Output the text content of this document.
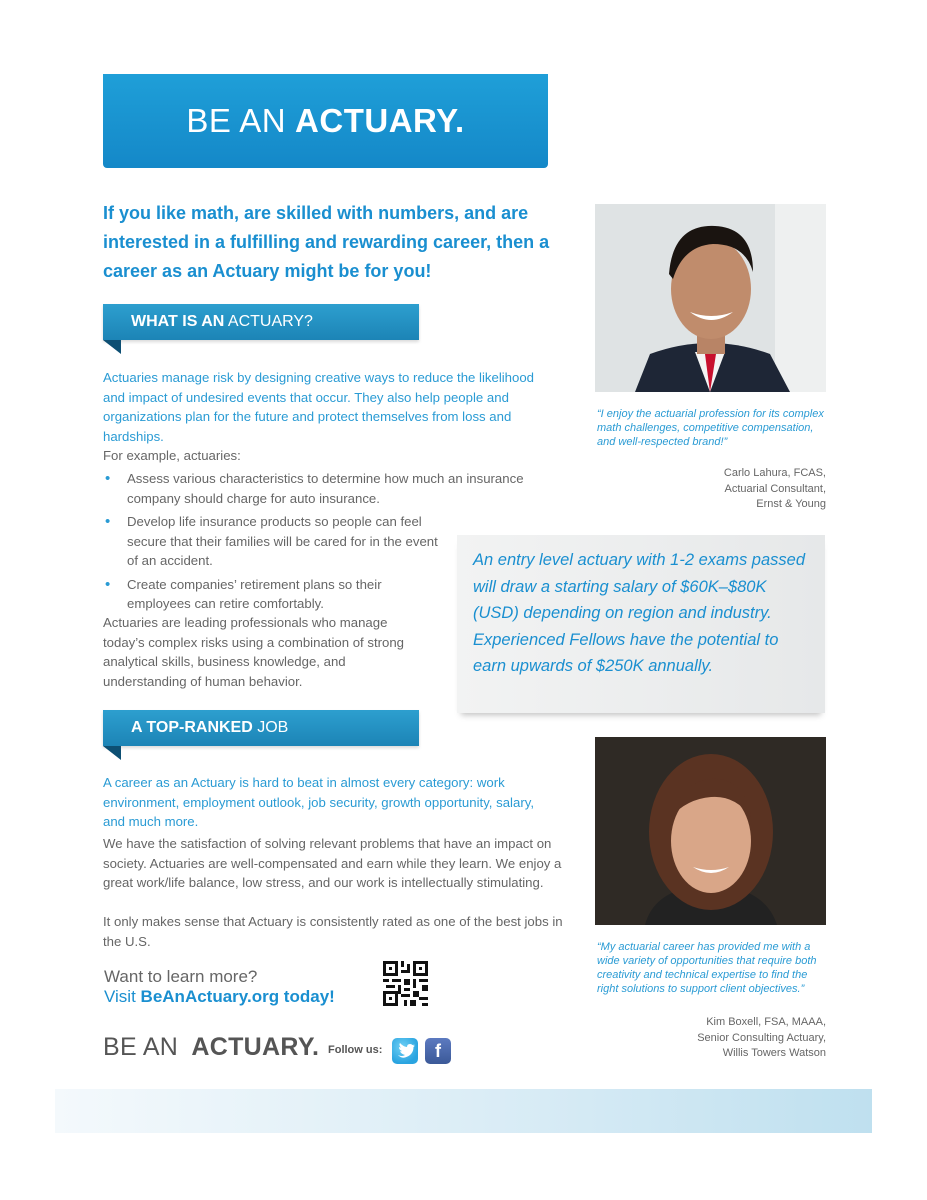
BE AN ACTUARY.
If you like math, are skilled with numbers, and are interested in a fulfilling and rewarding career, then a career as an Actuary might be for you!
WHAT IS AN ACTUARY?
Actuaries manage risk by designing creative ways to reduce the likelihood and impact of undesired events that occur. They also help people and organizations plan for the future and protect themselves from loss and hardships.
For example, actuaries:
• Assess various characteristics to determine how much an insurance company should charge for auto insurance.
• Develop life insurance products so people can feel secure that their families will be cared for in the event of an accident.
• Create companies’ retirement plans so their employees can retire comfortably.
Actuaries are leading professionals who manage today’s complex risks using a combination of strong analytical skills, business knowledge, and understanding of human behavior.
“I enjoy the actuarial profession for its complex math challenges, competitive compensation, and well-respected brand!”
Carlo Lahura, FCAS,
Actuarial Consultant,
Ernst & Young
An entry level actuary with 1-2 exams passed will draw a starting salary of $60K–$80K (USD) depending on region and industry. Experienced Fellows have the potential to earn upwards of $250K annually.
A TOP-RANKED JOB
A career as an Actuary is hard to beat in almost every category: work environment, employment outlook, job security, growth opportunity, salary, and much more.
We have the satisfaction of solving relevant problems that have an impact on society. Actuaries are well-compensated and earn while they learn. We enjoy a great work/life balance, low stress, and our work is intellectually stimulating.
It only makes sense that Actuary is consistently rated as one of the best jobs in the U.S.	“My actuarial career has provided me with a wide variety of opportunities that require both creativity and technical expertise to find the right solutions to support client objectives.”
Kim Boxell, FSA, MAAA,
Senior Consulting Actuary,
Willis Towers Watson
Want to learn more?
Visit BeAnActuary.org today!
BE AN ACTUARY. Follow us:	f
